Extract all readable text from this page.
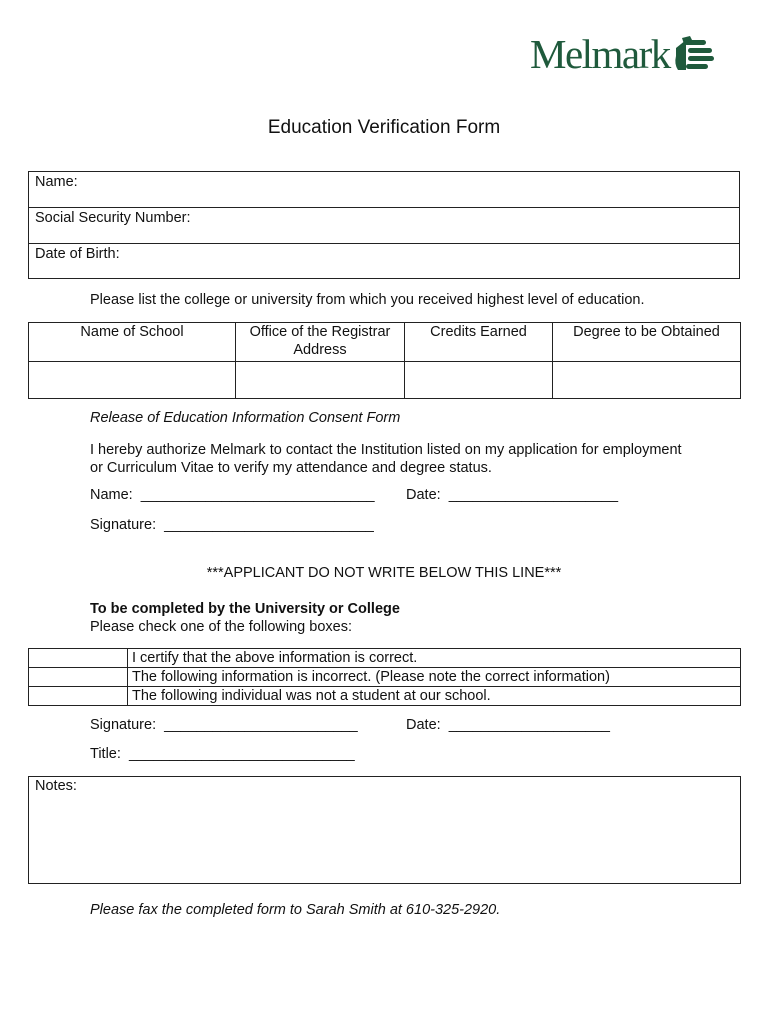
Melmark
Education Verification Form
Name:
Social Security Number:
Date of Birth:
Please list the college or university from which you received highest level of education.
Name of School	Office of the Registrar Address	Credits Earned	Degree to be Obtained

Release of Education Information Consent Form
I hereby authorize Melmark to contact the Institution listed on my application for employment or Curriculum Vitae to verify my attendance and degree status.
Name:  _____________________________ Date:  _____________________
Signature:  __________________________
***APPLICANT DO NOT WRITE BELOW THIS LINE***
To be completed by the University or College
Please check one of the following boxes:
	I certify that the above information is correct.
	The following information is incorrect. (Please note the correct information)
	The following individual was not a student at our school.
Signature:  ________________________	Date:  ____________________
Title:  ____________________________
Notes:
Please fax the completed form to Sarah Smith at 610-325-2920.
